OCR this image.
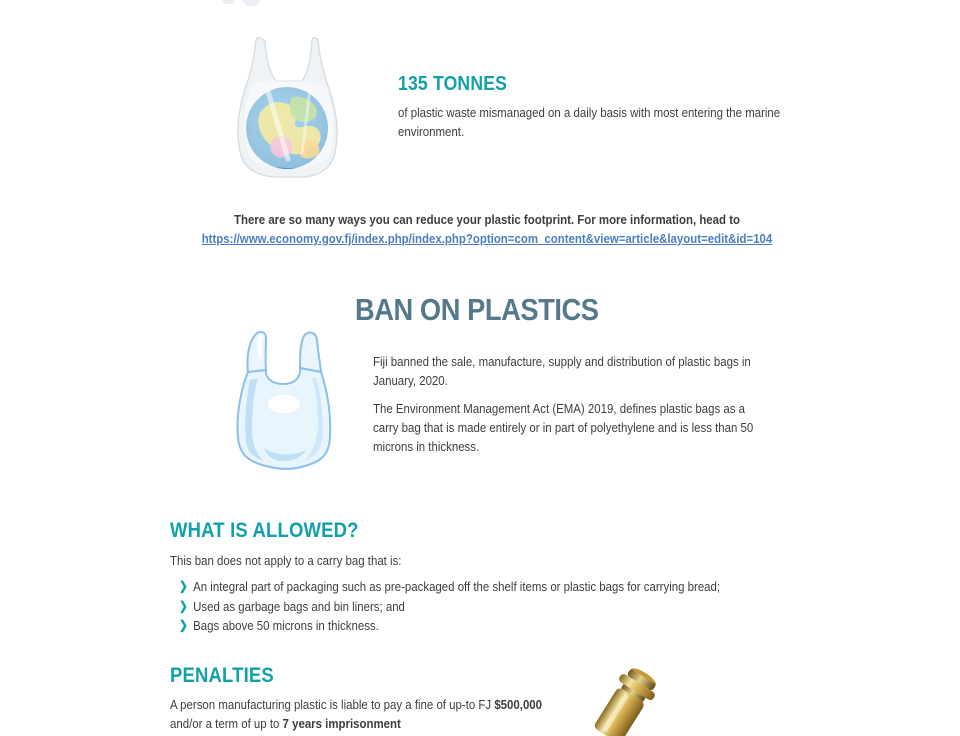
135 TONNES
of plastic waste mismanaged on a daily basis with most entering the marine environment.
There are so many ways you can reduce your plastic footprint. For more information, head to
https://www.economy.gov.fj/index.php/index.php?option=com_content&view=article&layout=edit&id=104
BAN ON PLASTICS
Fiji banned the sale, manufacture, supply and distribution of plastic bags in January, 2020.
The Environment Management Act (EMA) 2019, defines plastic bags as a carry bag that is made entirely or in part of polyethylene and is less than 50 microns in thickness.
WHAT IS ALLOWED?
This ban does not apply to a carry bag that is:
❯ An integral part of packaging such as pre-packaged off the shelf items or plastic bags for carrying bread;
❯ Used as garbage bags and bin liners; and
❯ Bags above 50 microns in thickness.
PENALTIES
A person manufacturing plastic is liable to pay a fine of up-to FJ $500,000
and/or a term of up to 7 years imprisonment
